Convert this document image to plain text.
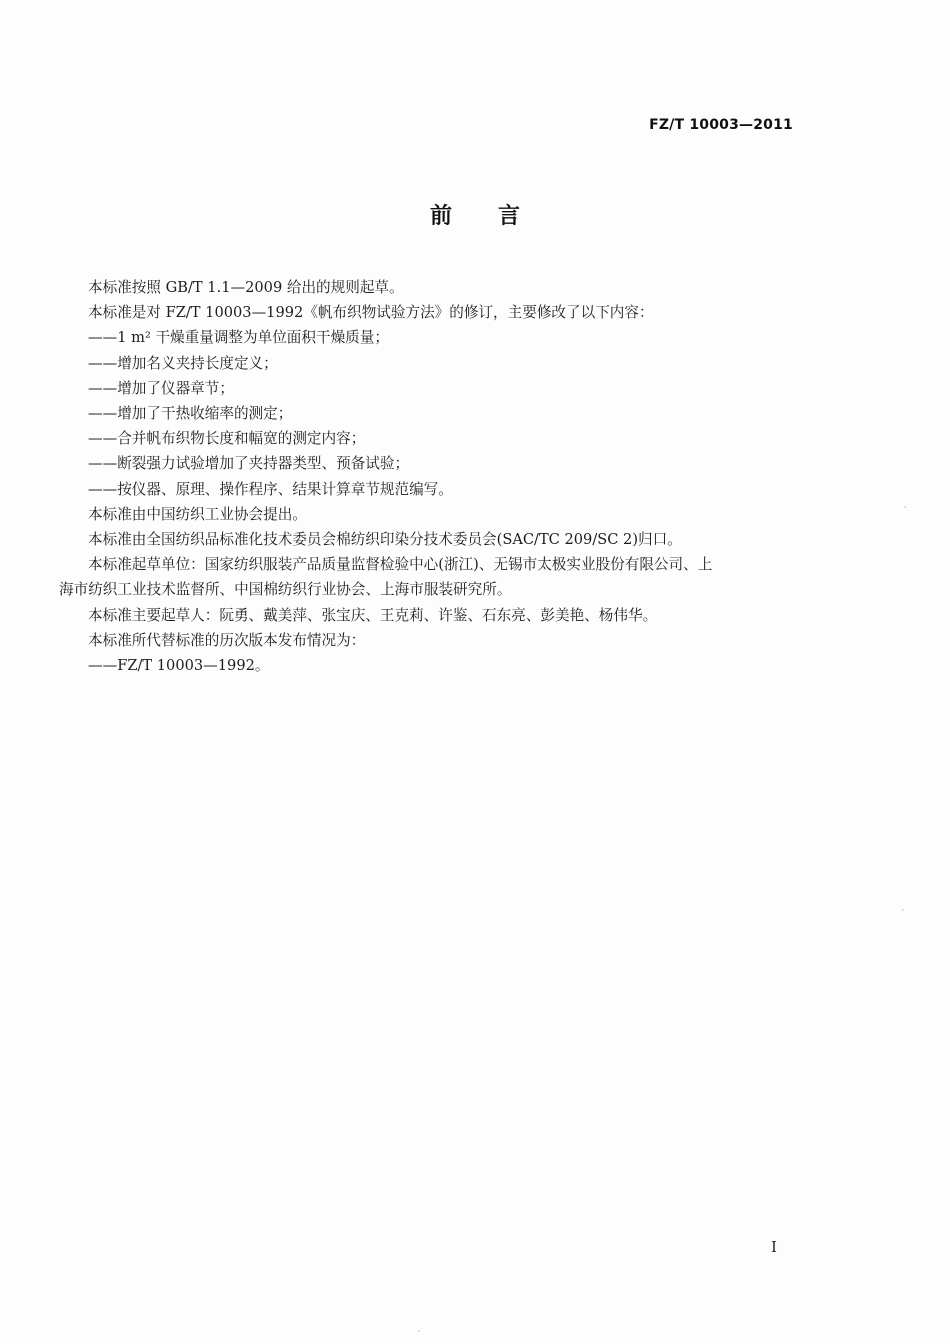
FZ/T 10003—2011
前 言

本标准按照 GB/T 1.1—2009 给出的规则起草。

本标准是对 FZ/T 10003—1992《帆布织物试验方法》的修订，主要修改了以下内容：

——1 m² 干燥重量调整为单位面积干燥质量；

——增加名义夹持长度定义；

——增加了仪器章节；

——增加了干热收缩率的测定；

——合并帆布织物长度和幅宽的测定内容；

——断裂强力试验增加了夹持器类型、预备试验；

——按仪器、原理、操作程序、结果计算章节规范编写。

本标准由中国纺织工业协会提出。

本标准由全国纺织品标准化技术委员会棉纺织印染分技术委员会(SAC/TC 209/SC 2)归口。

本标准起草单位：国家纺织服装产品质量监督检验中心(浙江)、无锡市太极实业股份有限公司、上

海市纺织工业技术监督所、中国棉纺织行业协会、上海市服装研究所。

本标准主要起草人：阮勇、戴美萍、张宝庆、王克莉、许鉴、石东亮、彭美艳、杨伟华。

本标准所代替标准的历次版本发布情况为：

——FZ/T 10003—1992。

I
